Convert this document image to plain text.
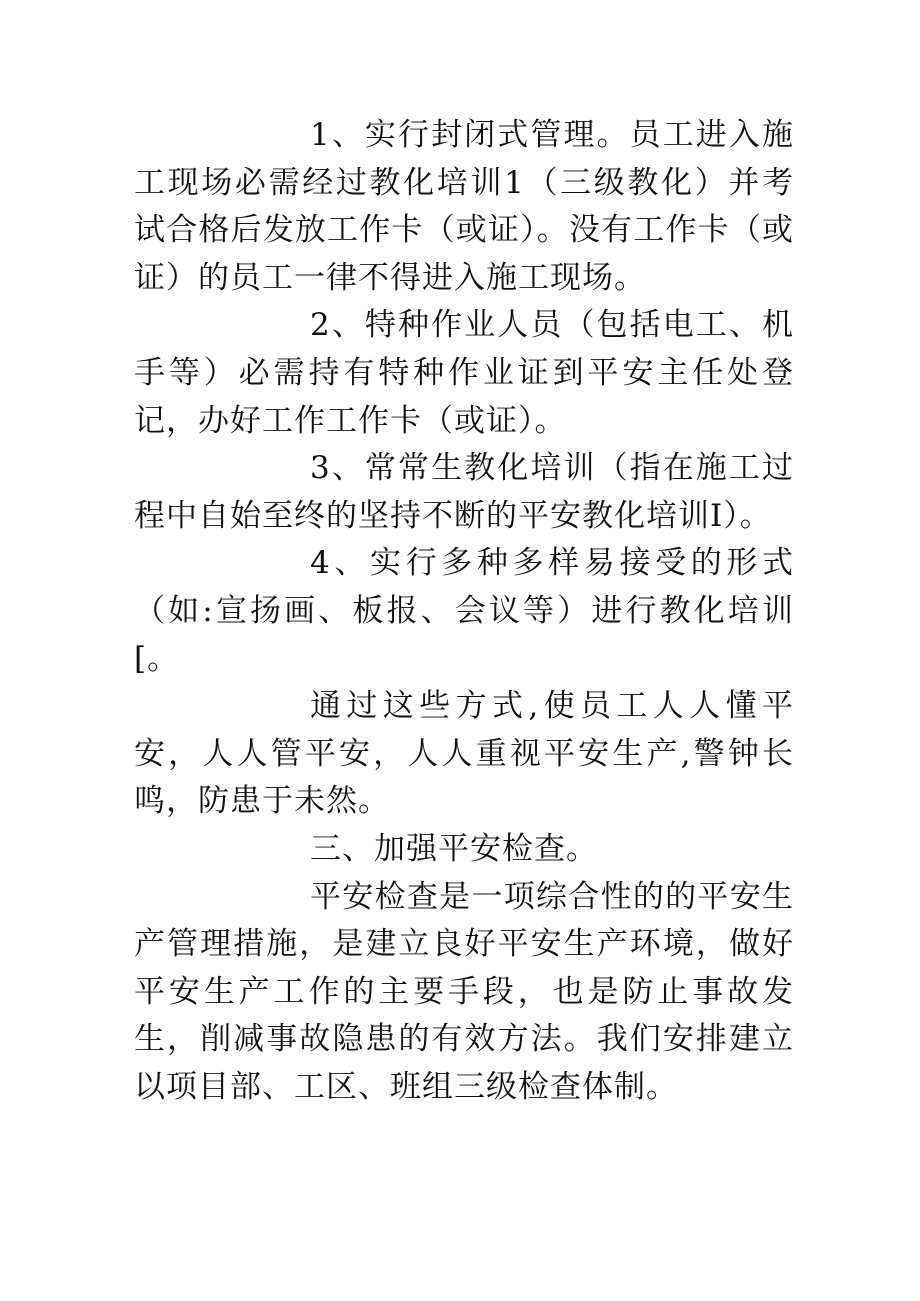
1、实行封闭式管理。员工进入施工现场必需经过教化培训1（三级教化）并考试合格后发放工作卡（或证）。没有工作卡（或证）的员工一律不得进入施工现场。

2、特种作业人员（包括电工、机手等）必需持有特种作业证到平安主任处登记，办好工作工作卡（或证）。

3、常常生教化培训（指在施工过程中自始至终的坚持不断的平安教化培训I）。

4、实行多种多样易接受的形式（如:宣扬画、板报、会议等）进行教化培训[。

通过这些方式,使员工人人懂平安，人人管平安，人人重视平安生产,警钟长鸣，防患于未然。

三、加强平安检查。

平安检查是一项综合性的的平安生产管理措施，是建立良好平安生产环境，做好平安生产工作的主要手段，也是防止事故发生，削减事故隐患的有效方法。我们安排建立以项目部、工区、班组三级检查体制。
